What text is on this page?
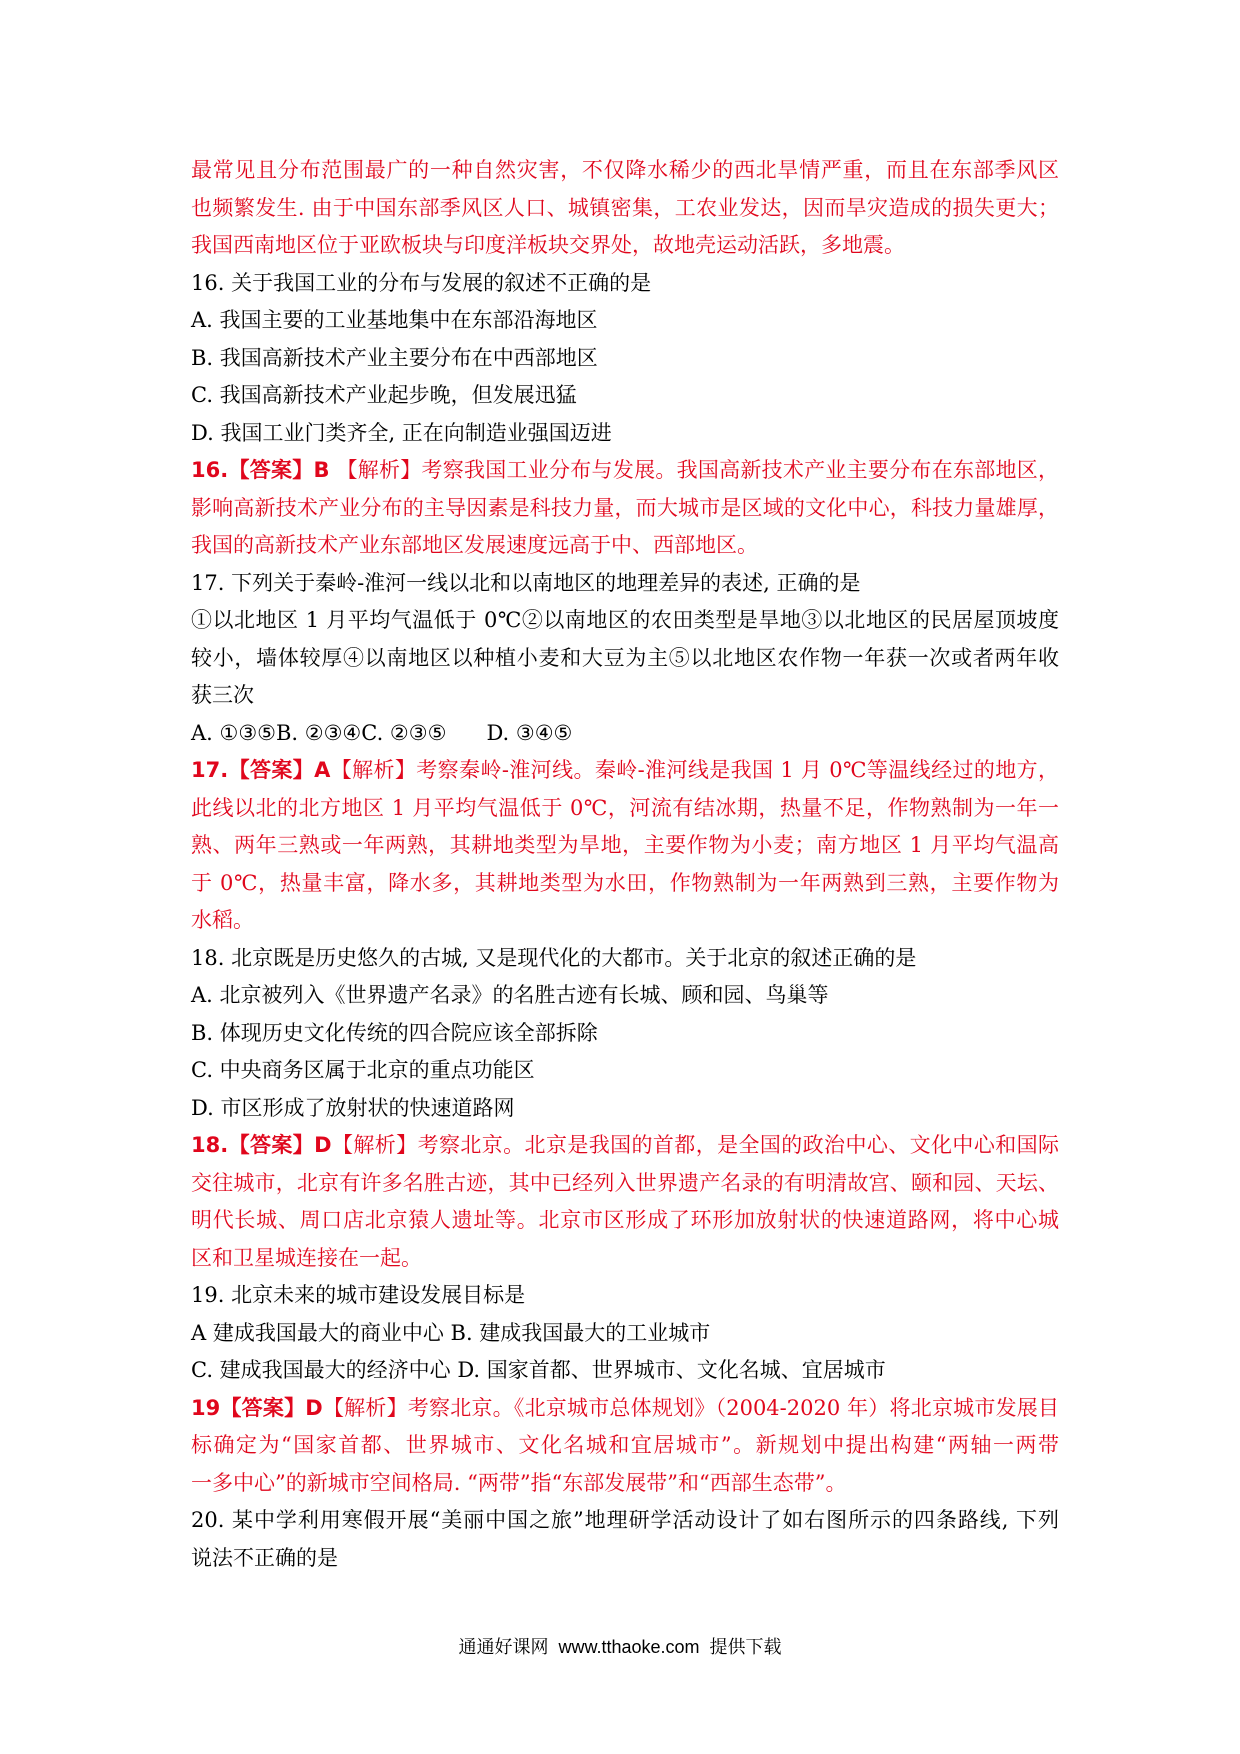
最常见且分布范围最广的一种自然灾害，不仅降水稀少的西北旱情严重，而且在东部季风区
也频繁发生. 由于中国东部季风区人口、城镇密集，工农业发达，因而旱灾造成的损失更大；
我国西南地区位于亚欧板块与印度洋板块交界处，故地壳运动活跃，多地震。
16. 关于我国工业的分布与发展的叙述不正确的是
A. 我国主要的工业基地集中在东部沿海地区
B. 我国高新技术产业主要分布在中西部地区
C. 我国高新技术产业起步晚，但发展迅猛
D. 我国工业门类齐全, 正在向制造业强国迈进
16.【答案】B 【解析】考察我国工业分布与发展。我国高新技术产业主要分布在东部地区，
影响高新技术产业分布的主导因素是科技力量，而大城市是区域的文化中心，科技力量雄厚，
我国的高新技术产业东部地区发展速度远高于中、西部地区。
17. 下列关于秦岭-淮河一线以北和以南地区的地理差异的表述, 正确的是
①以北地区 1 月平均气温低于 0℃②以南地区的农田类型是旱地③以北地区的民居屋顶坡度
较小，墙体较厚④以南地区以种植小麦和大豆为主⑤以北地区农作物一年获一次或者两年收
获三次
A. ①③⑤B. ②③④C. ②③⑤      D. ③④⑤
17.【答案】A【解析】考察秦岭-淮河线。秦岭-淮河线是我国 1 月 0℃等温线经过的地方，
此线以北的北方地区 1 月平均气温低于 0℃，河流有结冰期，热量不足，作物熟制为一年一
熟、两年三熟或一年两熟，其耕地类型为旱地，主要作物为小麦；南方地区 1 月平均气温高
于 0℃，热量丰富，降水多，其耕地类型为水田，作物熟制为一年两熟到三熟，主要作物为
水稻。
18. 北京既是历史悠久的古城, 又是现代化的大都市。关于北京的叙述正确的是
A. 北京被列入《世界遗产名录》的名胜古迹有长城、顾和园、鸟巢等
B. 体现历史文化传统的四合院应该全部拆除
C. 中央商务区属于北京的重点功能区
D. 市区形成了放射状的快速道路网
18.【答案】D【解析】考察北京。北京是我国的首都，是全国的政治中心、文化中心和国际
交往城市，北京有许多名胜古迹，其中已经列入世界遗产名录的有明清故宫、颐和园、天坛、
明代长城、周口店北京猿人遗址等。北京市区形成了环形加放射状的快速道路网，将中心城
区和卫星城连接在一起。
19. 北京未来的城市建设发展目标是
A 建成我国最大的商业中心 B. 建成我国最大的工业城市
C. 建成我国最大的经济中心 D. 国家首都、世界城市、文化名城、宜居城市
19【答案】D【解析】考察北京。《北京城市总体规划》（2004-2020 年）将北京城市发展目
标确定为“国家首都、世界城市、文化名城和宜居城市”。新规划中提出构建“两轴一两带
一多中心”的新城市空间格局. “两带”指“东部发展带”和“西部生态带”。
20. 某中学利用寒假开展“美丽中国之旅”地理研学活动设计了如右图所示的四条路线, 下列
说法不正确的是
通通好课网  www.tthaoke.com  提供下载
